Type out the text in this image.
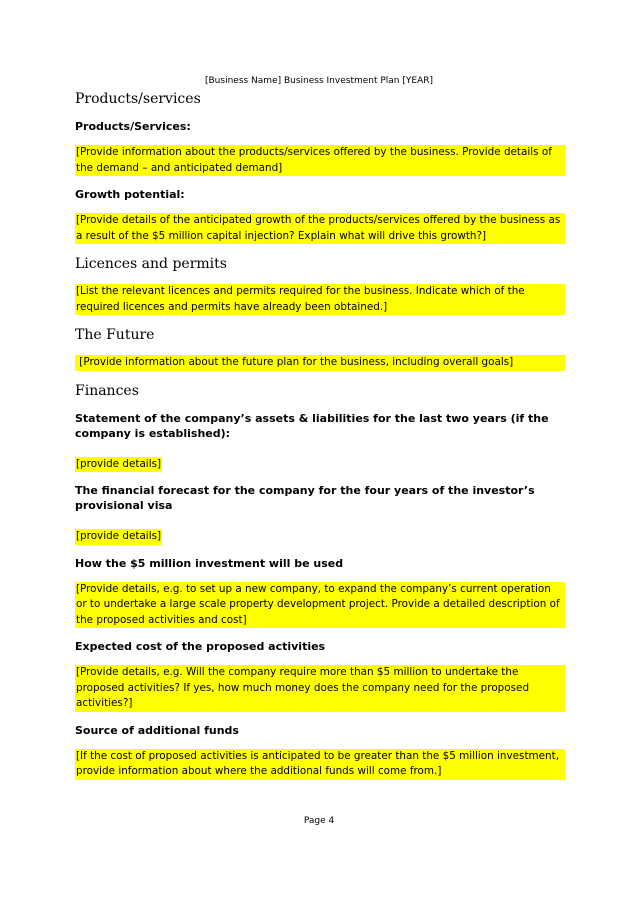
[Business Name] Business Investment Plan [YEAR]
Products/services
Products/Services:
[Provide information about the products/services offered by the business. Provide details of the demand – and anticipated demand]
Growth potential:
[Provide details of the anticipated growth of the products/services offered by the business as a result of the $5 million capital injection? Explain what will drive this growth?]
Licences and permits
[List the relevant licences and permits required for the business. Indicate which of the required licences and permits have already been obtained.]
The Future
[Provide information about the future plan for the business, including overall goals]
Finances
Statement of the company’s assets & liabilities for the last two years (if the company is established):
[provide details]
The financial forecast for the company for the four years of the investor’s provisional visa
[provide details]
How the $5 million investment will be used
[Provide details, e.g. to set up a new company, to expand the company’s current operation or to undertake a large scale property development project. Provide a detailed description of the proposed activities and cost]
Expected cost of the proposed activities
[Provide details, e.g. Will the company require more than $5 million to undertake the proposed activities? If yes, how much money does the company need for the proposed activities?]
Source of additional funds
[If the cost of proposed activities is anticipated to be greater than the $5 million investment, provide information about where the additional funds will come from.]
Page 4
